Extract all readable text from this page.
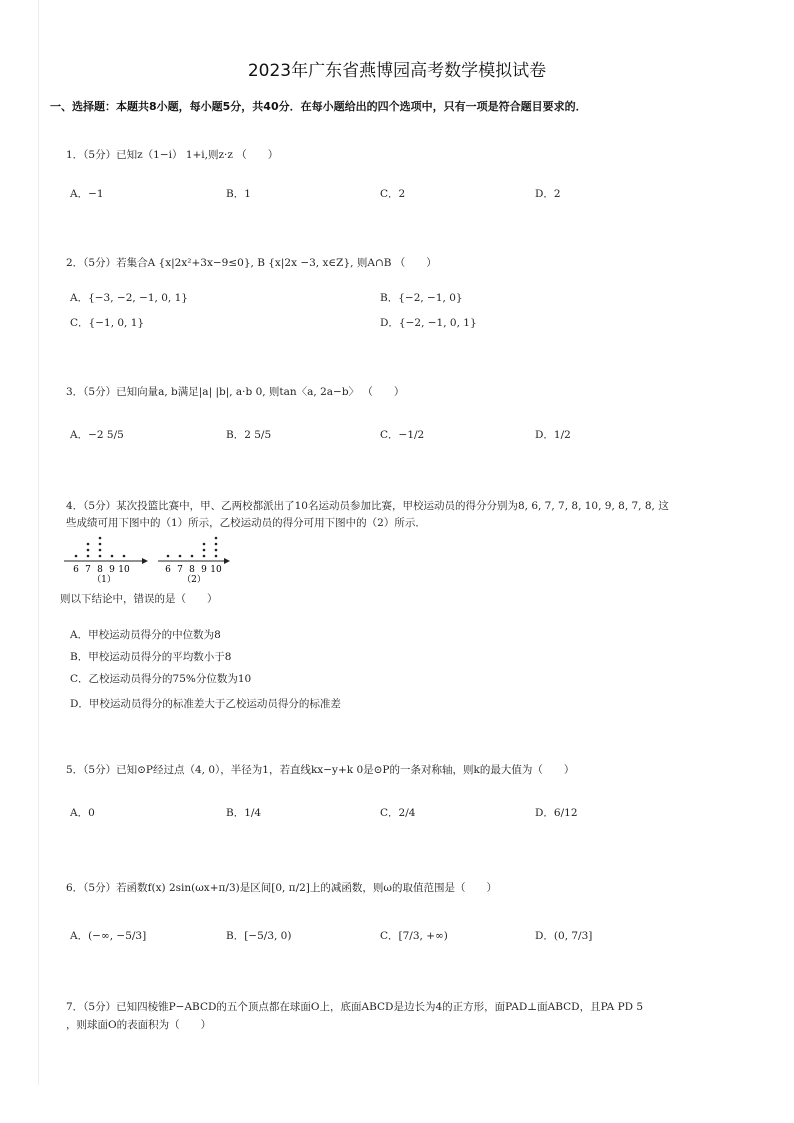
2023年广东省燕博园高考数学模拟试卷
一、选择题：本题共8小题，每小题5分，共40分．在每小题给出的四个选项中，只有一项是符合题目要求的．
1．（5分）已知z（1−i） 1+i,则z·z （　　）
A．−1	B．1	C．2	D．2
2．（5分）若集合A {x|2x²+3x−9≤0}, B {x|2x −3, x∈Z}, 则A∩B （　　）
A．{−3, −2, −1, 0, 1}	B．{−2, −1, 0}
C．{−1, 0, 1}	D．{−2, −1, 0, 1}
3．（5分）已知向量a, b满足|a| |b|, a·b 0, 则tan〈a, 2a−b〉 （　　）
A．−2 5/5	B．2 5/5	C．−1/2	D．1/2
4．（5分）某次投篮比赛中，甲、乙两校都派出了10名运动员参加比赛，甲校运动员的得分分别为8, 6, 7, 7, 8, 10, 9, 8, 7, 8, 这
些成绩可用下图中的（1）所示，乙校运动员的得分可用下图中的（2）所示．
（1）
6 7 8 9 10
（2）
6 7 8 9 10
则以下结论中，错误的是（　　）
A．甲校运动员得分的中位数为8
B．甲校运动员得分的平均数小于8
C．乙校运动员得分的75%分位数为10
D．甲校运动员得分的标准差大于乙校运动员得分的标准差
5．（5分）已知⊙P经过点（4, 0），半径为1，若直线kx−y+k 0是⊙P的一条对称轴，则k的最大值为（　　）
A．0	B．1/4	C．2/4	D．6/12
6．（5分）若函数f(x) 2sin(ωx+π/3)是区间[0, π/2]上的减函数，则ω的取值范围是（　　）
A．(−∞, −5/3]	B．[−5/3, 0)	C．[7/3, +∞)	D．(0, 7/3]
7．（5分）已知四棱锥P−ABCD的五个顶点都在球面O上，底面ABCD是边长为4的正方形，面PAD⊥面ABCD，且PA PD 5
，则球面O的表面积为（　　）
